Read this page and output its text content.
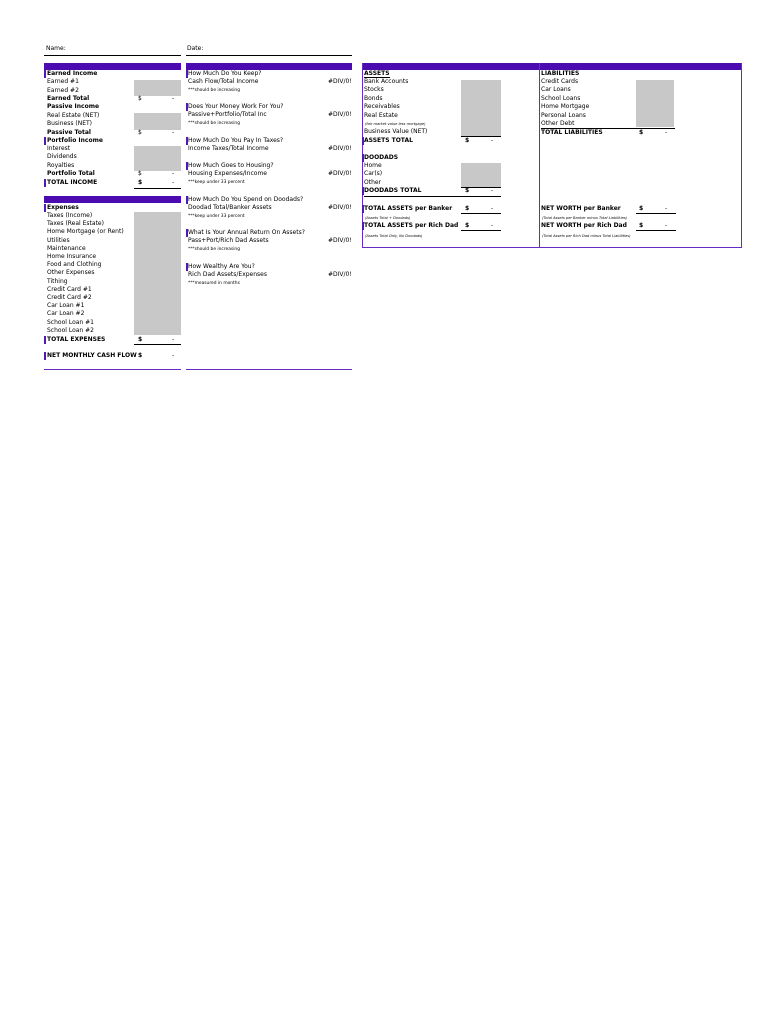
Name:	Date:
Earned Income
Earned #1
Earned #2
Earned Total	$	-
Passive Income
Real Estate (NET)
Business (NET)
Passive Total	$	-
Portfolio Income
Interest
Dividends
Royalties
Portfolio Total	$	-
TOTAL INCOME	$	-
Expenses
Taxes (Income)
Taxes (Real Estate)
Home Mortgage (or Rent)
Utilities
Maintenance
Home Insurance
Food and Clothing
Other Expenses
Tithing
Credit Card #1
Credit Card #2
Car Loan #1
Car Loan #2
School Loan #1
School Loan #2
TOTAL EXPENSES	$	-
NET MONTHLY CASH FLOW $	-
How Much Do You Keep?
Cash Flow/Total Income	#DIV/0!
***should be increasing
Does Your Money Work For You?
Passive+Portfolio/Total Inc	#DIV/0!
***should be increasing
How Much Do You Pay In Taxes?
Income Taxes/Total Income	#DIV/0!
How Much Goes to Housing?
Housing Expenses/Income	#DIV/0!
***keep under 33 percent
How Much Do You Spend on Doodads?
Doodad Total/Banker Assets	#DIV/0!
***keep under 33 percent
What Is Your Annual Return On Assets?
Pass+Port/Rich Dad Assets	#DIV/0!
***should be increasing
How Wealthy Are You?
Rich Dad Assets/Expenses	#DIV/0!
***measured in months
ASSETS
Bank Accounts
Stocks
Bonds
Receivables
Real Estate
(fair market value less mortgage)
Business Value (NET)
ASSETS TOTAL	$	-
DOODADS
Home
Car(s)
Other
DOODADS TOTAL	$	-
TOTAL ASSETS per Banker $	-
(Assets Total + Doodads)
TOTAL ASSETS per Rich Dad $	-
(Assets Total Only, No Doodads)
LIABILITIES
Credit Cards
Car Loans
School Loans
Home Mortgage
Personal Loans
Other Debt
TOTAL LIABILITIES	$	-
NET WORTH per Banker	$	-
(Total Assets per Banker minus Total Liabilities)
NET WORTH per Rich Dad $	-
(Total Assets per Rich Dad minus Total Liabilities)
